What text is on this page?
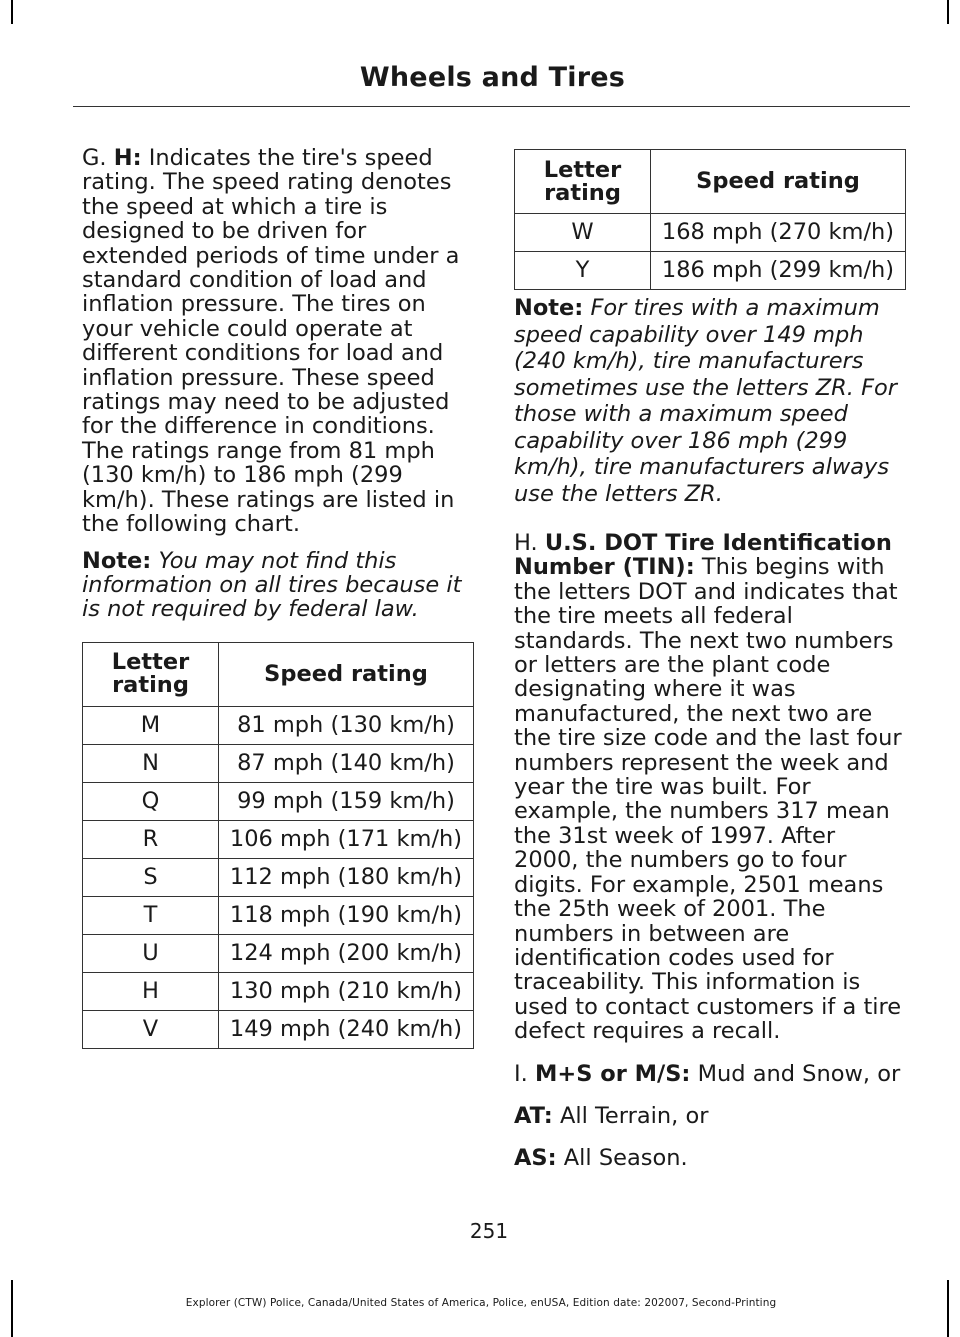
Wheels and Tires

G. H: Indicates the tire's speed rating. The speed rating denotes the speed at which a tire is designed to be driven for extended periods of time under a standard condition of load and inflation pressure. The tires on your vehicle could operate at different conditions for load and inflation pressure. These speed ratings may need to be adjusted for the difference in conditions. The ratings range from 81 mph (130 km/h) to 186 mph (299 km/h). These ratings are listed in the following chart.

Note: You may not find this information on all tires because it is not required by federal law.

Letter rating	Speed rating
M	81 mph (130 km/h)
N	87 mph (140 km/h)
Q	99 mph (159 km/h)
R	106 mph (171 km/h)
S	112 mph (180 km/h)
T	118 mph (190 km/h)
U	124 mph (200 km/h)
H	130 mph (210 km/h)
V	149 mph (240 km/h)
Letter rating	Speed rating
W	168 mph (270 km/h)
Y	186 mph (299 km/h)

Note: For tires with a maximum speed capability over 149 mph (240 km/h), tire manufacturers sometimes use the letters ZR. For those with a maximum speed capability over 186 mph (299 km/h), tire manufacturers always use the letters ZR.

H. U.S. DOT Tire Identification Number (TIN): This begins with the letters DOT and indicates that the tire meets all federal standards. The next two numbers or letters are the plant code designating where it was manufactured, the next two are the tire size code and the last four numbers represent the week and year the tire was built. For example, the numbers 317 mean the 31st week of 1997. After 2000, the numbers go to four digits. For example, 2501 means the 25th week of 2001. The numbers in between are identification codes used for traceability. This information is used to contact customers if a tire defect requires a recall.

I. M+S or M/S: Mud and Snow, or

AT: All Terrain, or

AS: All Season.

251
Explorer (CTW) Police, Canada/United States of America, Police, enUSA, Edition date: 202007, Second-Printing
